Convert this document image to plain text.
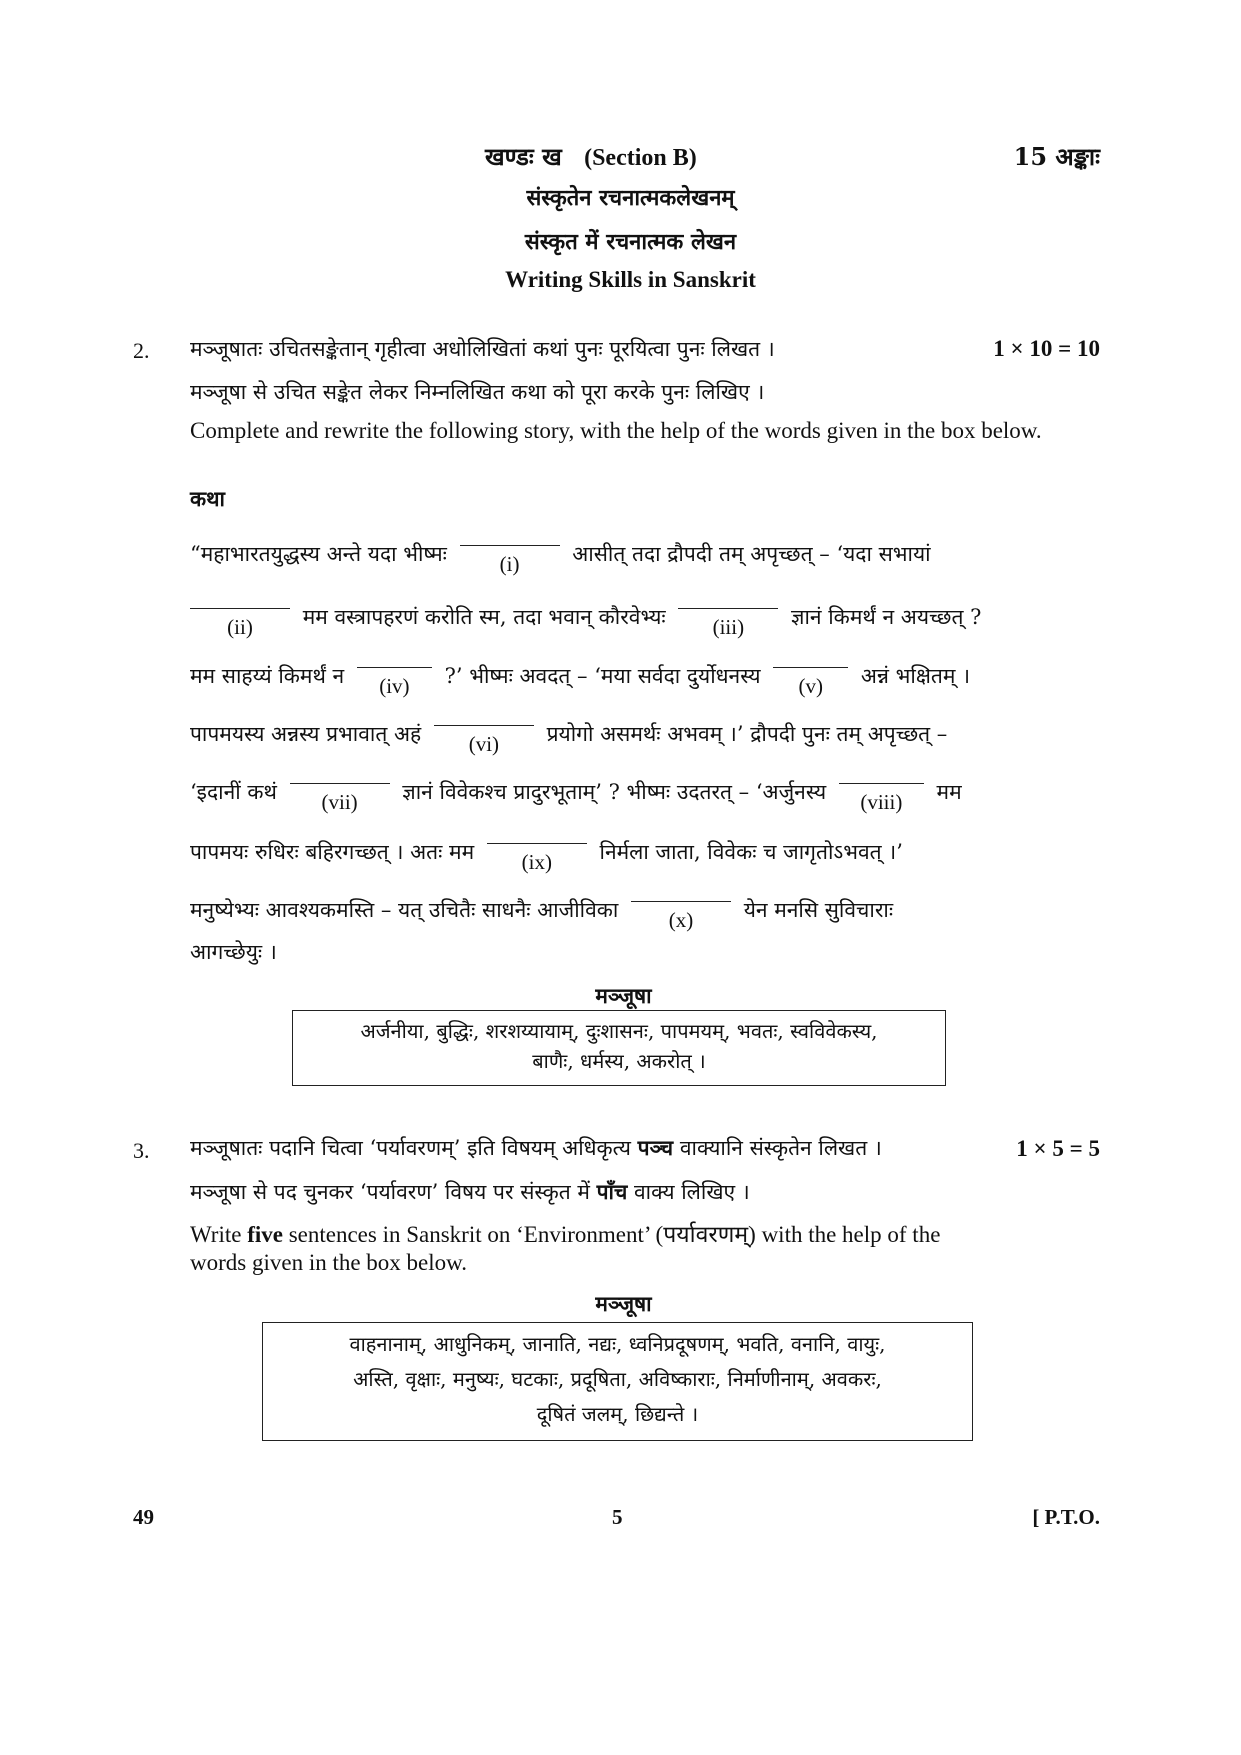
खण्डः ख (Section B)	15 अङ्काः
संस्कृतेन रचनात्मकलेखनम्
संस्कृत में रचनात्मक लेखन
Writing Skills in Sanskrit
2. मञ्जूषातः उचितसङ्केतान् गृहीत्वा अधोलिखितां कथां पुनः पूरयित्वा पुनः लिखत ।	1 × 10 = 10
मञ्जूषा से उचित सङ्केत लेकर निम्नलिखित कथा को पूरा करके पुनः लिखिए ।
Complete and rewrite the following story, with the help of the words given in the box below.
कथा
“महाभारतयुद्धस्य अन्ते यदा भीष्मः	(i)	आसीत् तदा द्रौपदी तम् अपृच्छत् – ‘यदा सभायां
(ii)	मम वस्त्रापहरणं करोति स्म, तदा भवान् कौरवेभ्यः	(iii)	ज्ञानं किमर्थं न अयच्छत् ?
मम साहय्यं किमर्थं न	(iv)	?’ भीष्मः अवदत् – ‘मया सर्वदा दुर्योधनस्य	(v)	अन्नं भक्षितम् ।
पापमयस्य अन्नस्य प्रभावात् अहं	(vi)	प्रयोगो असमर्थः अभवम् ।’ द्रौपदी पुनः तम् अपृच्छत् –
‘इदानीं कथं	(vii)	ज्ञानं विवेकश्च प्रादुरभूताम्’ ? भीष्मः उदतरत् – ‘अर्जुनस्य	(viii)	मम
पापमयः रुधिरः बहिरगच्छत् । अतः मम	(ix)	निर्मला जाता, विवेकः च जागृतोऽभवत् ।’
मनुष्येभ्यः आवश्यकमस्ति – यत् उचितैः साधनैः आजीविका	(x)	येन मनसि सुविचाराः
आगच्छेयुः ।
मञ्जूषा
अर्जनीया, बुद्धिः, शरशय्यायाम्, दुःशासनः, पापमयम्, भवतः, स्वविवेकस्य,
बाणैः, धर्मस्य, अकरोत् ।
3. मञ्जूषातः पदानि चित्वा ‘पर्यावरणम्’ इति विषयम् अधिकृत्य पञ्च वाक्यानि संस्कृतेन लिखत ।	1 × 5 = 5
मञ्जूषा से पद चुनकर ‘पर्यावरण’ विषय पर संस्कृत में पाँच वाक्य लिखिए ।
Write five sentences in Sanskrit on ‘Environment’ (पर्यावरणम्) with the help of the
words given in the box below.
मञ्जूषा
वाहनानाम्, आधुनिकम्, जानाति, नद्यः, ध्वनिप्रदूषणम्, भवति, वनानि, वायुः,
अस्ति, वृक्षाः, मनुष्यः, घटकाः, प्रदूषिता, अविष्काराः, निर्माणीनाम्, अवकरः,
दूषितं जलम्, छिद्यन्ते ।
49	5	[ P.T.O.
